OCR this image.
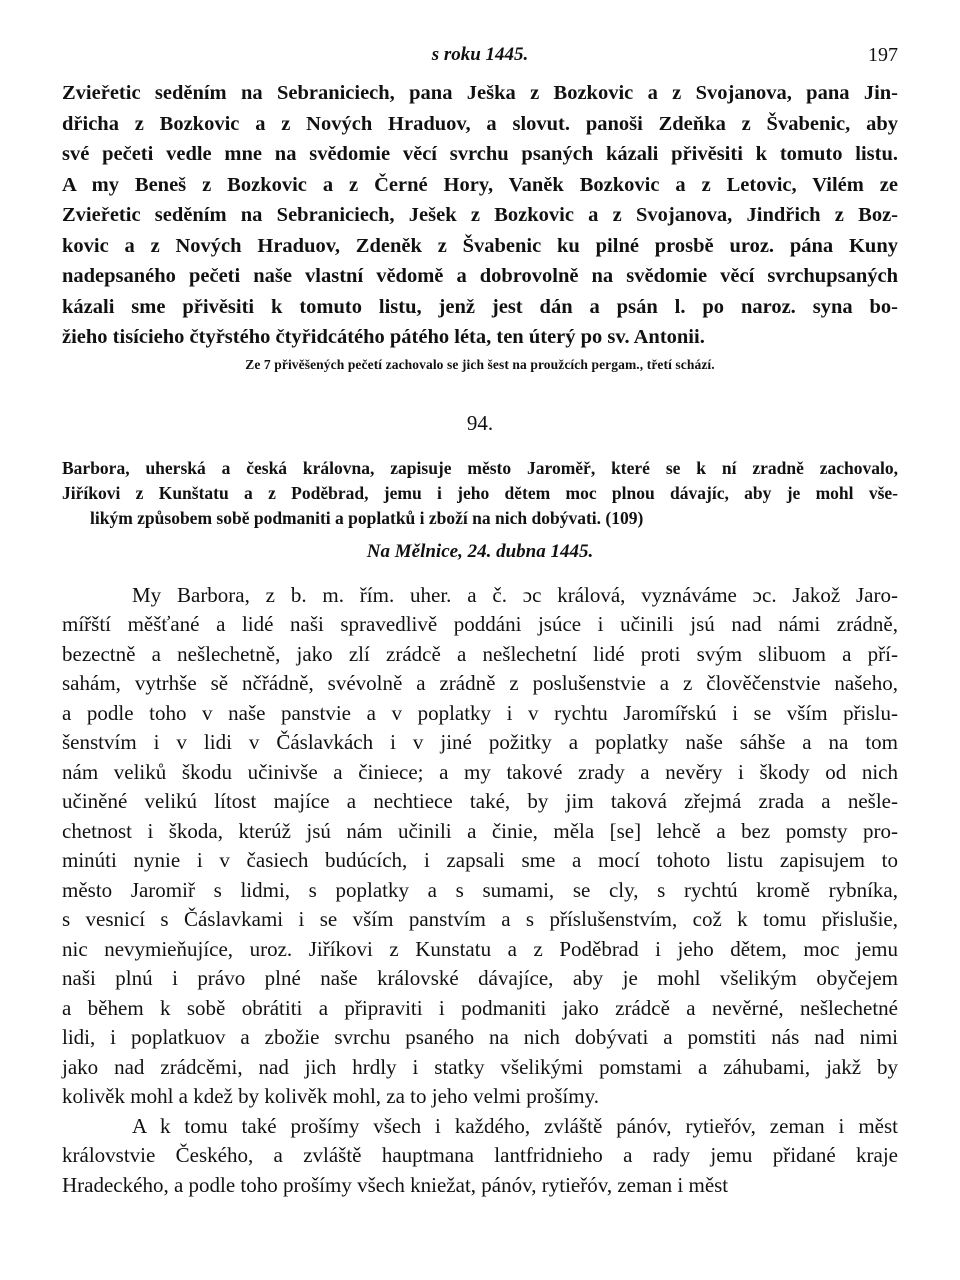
s roku 1445.	197
Zvieřetic seděním na Sebraniciech, pana Ješka z Bozkovic a z Svojanova, pana Jin-
dřicha z Bozkovic a z Nových Hraduov, a slovut. panoši Zdeňka z Švabenic, aby
své pečeti vedle mne na svědomie věcí svrchu psaných kázali přivěsiti k tomuto listu.
A my Beneš z Bozkovic a z Černé Hory, Vaněk Bozkovic a z Letovic, Vilém ze
Zvieřetic seděním na Sebraniciech, Ješek z Bozkovic a z Svojanova, Jindřich z Boz-
kovic a z Nových Hraduov, Zdeněk z Švabenic ku pilné prosbě uroz. pána Kuny
nadepsaného pečeti naše vlastní vědomě a dobrovolně na svědomie věcí svrchupsaných
kázali sme přivěsiti k tomuto listu, jenž jest dán a psán l. po naroz. syna bo-
žieho tisícieho čtyřstého čtyřidcátého pátého léta, ten úterý po sv. Antonii.
Ze 7 přivěšených pečetí zachovalo se jich šest na proužcích pergam., třetí schází.
94.
Barbora, uherská a česká královna, zapisuje město Jaroměř, které se k ní zradně zachovalo,
Jiříkovi z Kunštatu a z Poděbrad, jemu i jeho dětem moc plnou dávajíc, aby je mohl vše-
likým způsobem sobě podmaniti a poplatků i zboží na nich dobývati. (109)
Na Mělnice, 24. dubna 1445.
My Barbora, z b. m. řím. uher. a č. ɔc králová, vyznáváme ɔc. Jakož Jaro-
mířští měšťané a lidé naši spravedlivě poddáni jsúce i učinili jsú nad námi zrádně,
bezectně a nešlechetně, jako zlí zrádcě a nešlechetní lidé proti svým slibuom a pří-
sahám, vytrhše sě nčřádně, svévolně a zrádně z poslušenstvie a z člověčenstvie našeho,
a podle toho v naše panstvie a v poplatky i v rychtu Jaromířskú i se vším přislu-
šenstvím i v lidi v Čáslavkách i v jiné požitky a poplatky naše sáhše a na tom
nám veliků škodu učinivše a činiece; a my takové zrady a nevěry i škody od nich
učiněné velikú lítost majíce a nechtiece také, by jim taková zřejmá zrada a nešle-
chetnost i škoda, kterúž jsú nám učinili a činie, měla [se] lehcě a bez pomsty pro-
minúti nynie i v časiech budúcích, i zapsali sme a mocí tohoto listu zapisujem to
město Jaromiř s lidmi, s poplatky a s sumami, se cly, s rychtú kromě rybníka,
s vesnicí s Čáslavkami i se vším panstvím a s příslušenstvím, což k tomu přislušie,
nic nevymieňujíce, uroz. Jiříkovi z Kunstatu a z Poděbrad i jeho dětem, moc jemu
naši plnú i právo plné naše královské dávajíce, aby je mohl všelikým obyčejem
a během k sobě obrátiti a připraviti i podmaniti jako zrádcě a nevěrné, nešlechetné
lidi, i poplatkuov a zbožie svrchu psaného na nich dobývati a pomstiti nás nad nimi
jako nad zrádcěmi, nad jich hrdly i statky všelikými pomstami a záhubami, jakž by
kolivěk mohl a kdež by kolivěk mohl, za to jeho velmi prošímy.
A k tomu také prošímy všech i každého, zvláště pánóv, rytieřóv, zeman i měst
královstvie Českého, a zvláště hauptmana lantfridnieho a rady jemu přidané kraje
Hradeckého, a podle toho prošímy všech kniežat, pánóv, rytieřóv, zeman i měst
